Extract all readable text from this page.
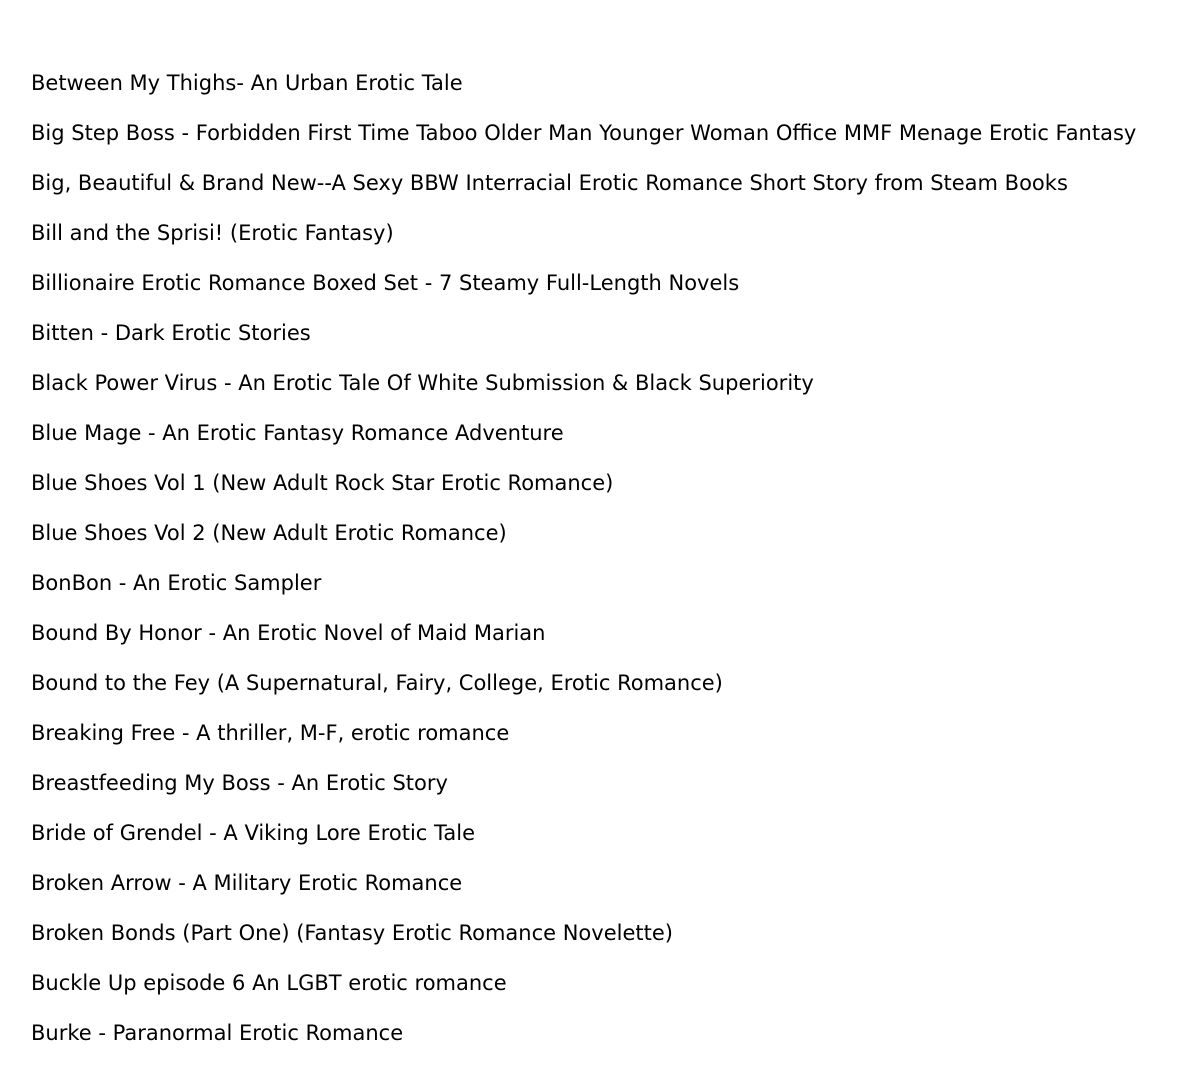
Between My Thighs- An Urban Erotic Tale
Big Step Boss - Forbidden First Time Taboo Older Man Younger Woman Office MMF Menage Erotic Fantasy
Big, Beautiful & Brand New--A Sexy BBW Interracial Erotic Romance Short Story from Steam Books
Bill and the Sprisi! (Erotic Fantasy)
Billionaire Erotic Romance Boxed Set - 7 Steamy Full-Length Novels
Bitten - Dark Erotic Stories
Black Power Virus - An Erotic Tale Of White Submission & Black Superiority
Blue Mage - An Erotic Fantasy Romance Adventure
Blue Shoes Vol 1 (New Adult Rock Star Erotic Romance)
Blue Shoes Vol 2 (New Adult Erotic Romance)
BonBon - An Erotic Sampler
Bound By Honor - An Erotic Novel of Maid Marian
Bound to the Fey (A Supernatural, Fairy, College, Erotic Romance)
Breaking Free - A thriller, M-F, erotic romance
Breastfeeding My Boss - An Erotic Story
Bride of Grendel - A Viking Lore Erotic Tale
Broken Arrow - A Military Erotic Romance
Broken Bonds (Part One) (Fantasy Erotic Romance Novelette)
Buckle Up episode 6 An LGBT erotic romance
Burke - Paranormal Erotic Romance
